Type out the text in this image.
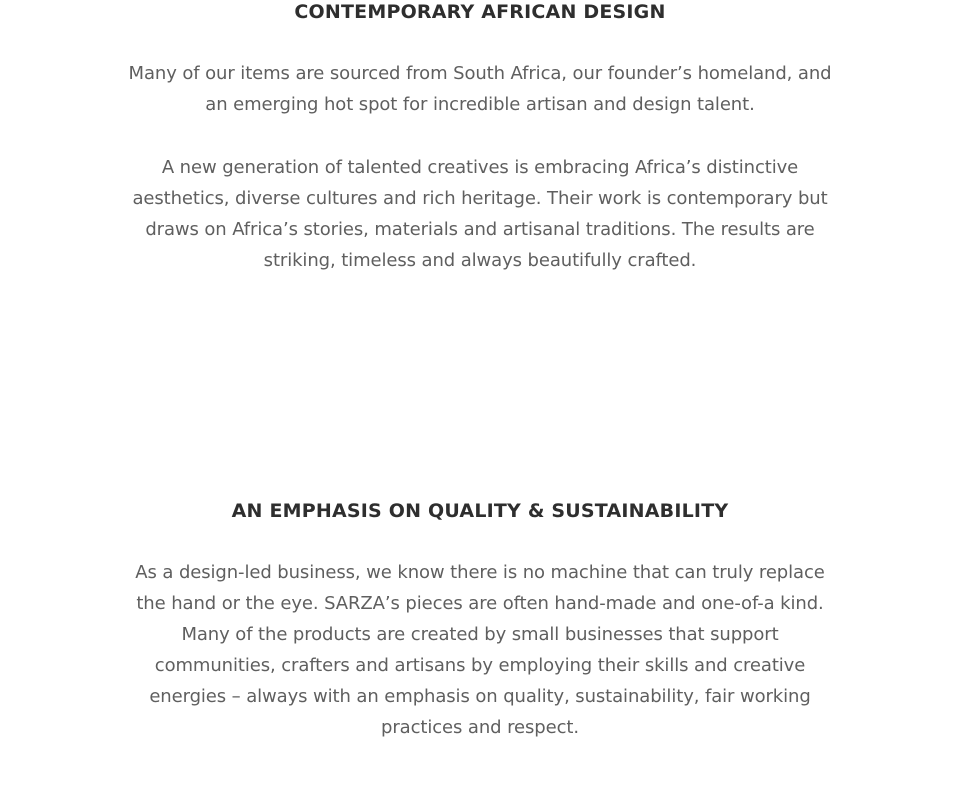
CONTEMPORARY AFRICAN DESIGN

Many of our items are sourced from South Africa, our founder’s homeland, and an emerging hot spot for incredible artisan and design talent.

A new generation of talented creatives is embracing Africa’s distinctive aesthetics, diverse cultures and rich heritage. Their work is contemporary but draws on Africa’s stories, materials and artisanal traditions. The results are striking, timeless and always beautifully crafted.

AN EMPHASIS ON QUALITY & SUSTAINABILITY

As a design-led business, we know there is no machine that can truly replace the hand or the eye. SARZA’s pieces are often hand-made and one-of-a kind. Many of the products are created by small businesses that support communities, crafters and artisans by employing their skills and creative energies – always with an emphasis on quality, sustainability, fair working practices and respect.
